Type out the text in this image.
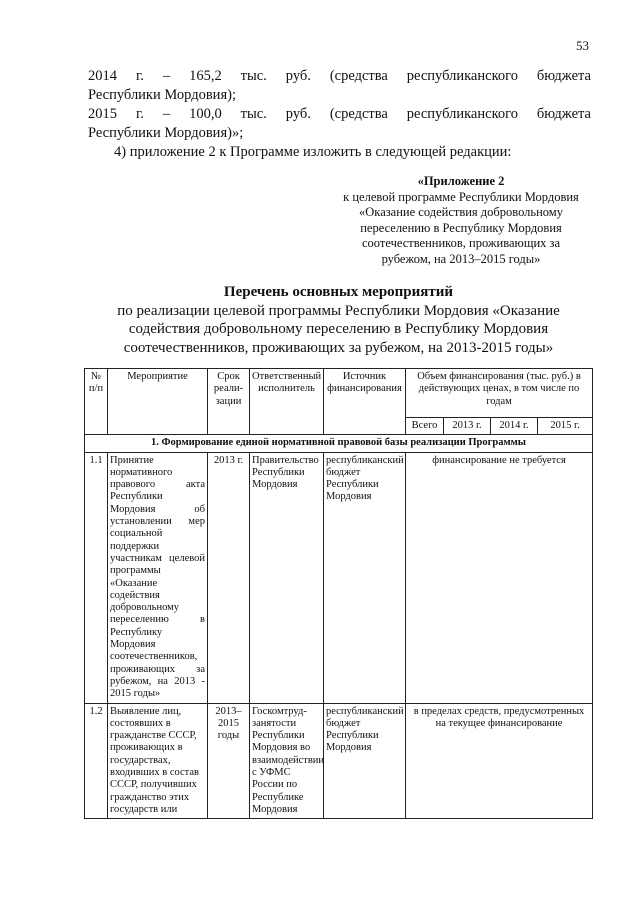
53
2014 г. – 165,2 тыс. руб. (средства республиканского бюджета
Республики Мордовия);
2015 г. – 100,0 тыс. руб. (средства республиканского бюджета
Республики Мордовия)»;
4) приложение 2 к Программе изложить в следующей редакции:
«Приложение 2
к целевой программе Республики Мордовия
«Оказание содействия добровольному
переселению в Республику Мордовия
соотечественников, проживающих за
рубежом, на 2013–2015 годы»
Перечень основных мероприятий
по реализации целевой программы Республики Мордовия «Оказание
содействия добровольному переселению в Республику Мордовия
соотечественников, проживающих за рубежом, на 2013-2015 годы»
№ п/п	Мероприятие	Срок реали- зации	Ответственный исполнитель	Источник финансирования	Объем финансирования (тыс. руб.) в действующих ценах, в том числе по годам			
					Всего	2013 г.	2014 г.	2015 г.
1. Формирование единой нормативной правовой базы реализации Программы								
1.1	Принятие нормативного правового акта Республики Мордовия об установлении мер социальной поддержки участникам целевой программы «Оказание содействия добровольному переселению в Республику Мордовия соотечественников, проживающих за рубежом, на 2013 - 2015 годы»	2013 г.	Правительство Республики Мордовия	республиканский бюджет Республики Мордовия	финансирование не требуется			
1.2	Выявление лиц, состоявших в гражданстве СССР, проживающих в государствах, входивших в состав СССР, получивших гражданство этих государств или	2013– 2015 годы	Госкомтруд- занятости Республики Мордовия во взаимодействии с УФМС России по Республике Мордовия	республиканский бюджет Республики Мордовия	в пределах средств, предусмотренных на текущее финансирование			
